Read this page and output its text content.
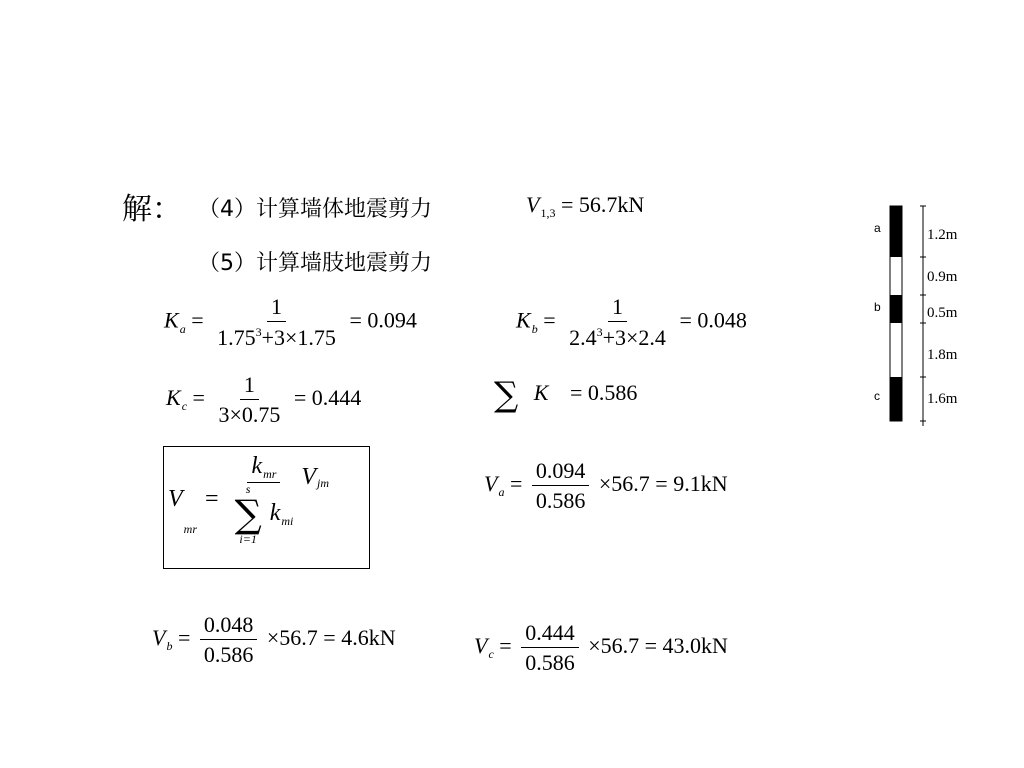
解： （4）计算墙体地震剪力
（5）计算墙肢地震剪力
$V_{1,3} = 56.7kN$
$K_a = \frac{1}{1.75^3+3\times 1.75} = 0.094$	$K_b = \frac{1}{2.4^3+3\times 2.4} = 0.048$
$K_c = \frac{1}{3\times 0.75} = 0.444$	∑ K = 0.586
V
mr
= $k_{mr}$
s
∑
i=1
$k_{mi}$ $V_{jm}$	$V_a = \frac{0.094}{0.586} \times 56.7 = 9.1kN$
$V_b = \frac{0.048}{0.586} \times 56.7 = 4.6kN$	$V_c = \frac{0.444}{0.586} \times 56.7 = 43.0kN$
a
b
c
1.2m
0.9m
0.5m
1.8m
1.6m
